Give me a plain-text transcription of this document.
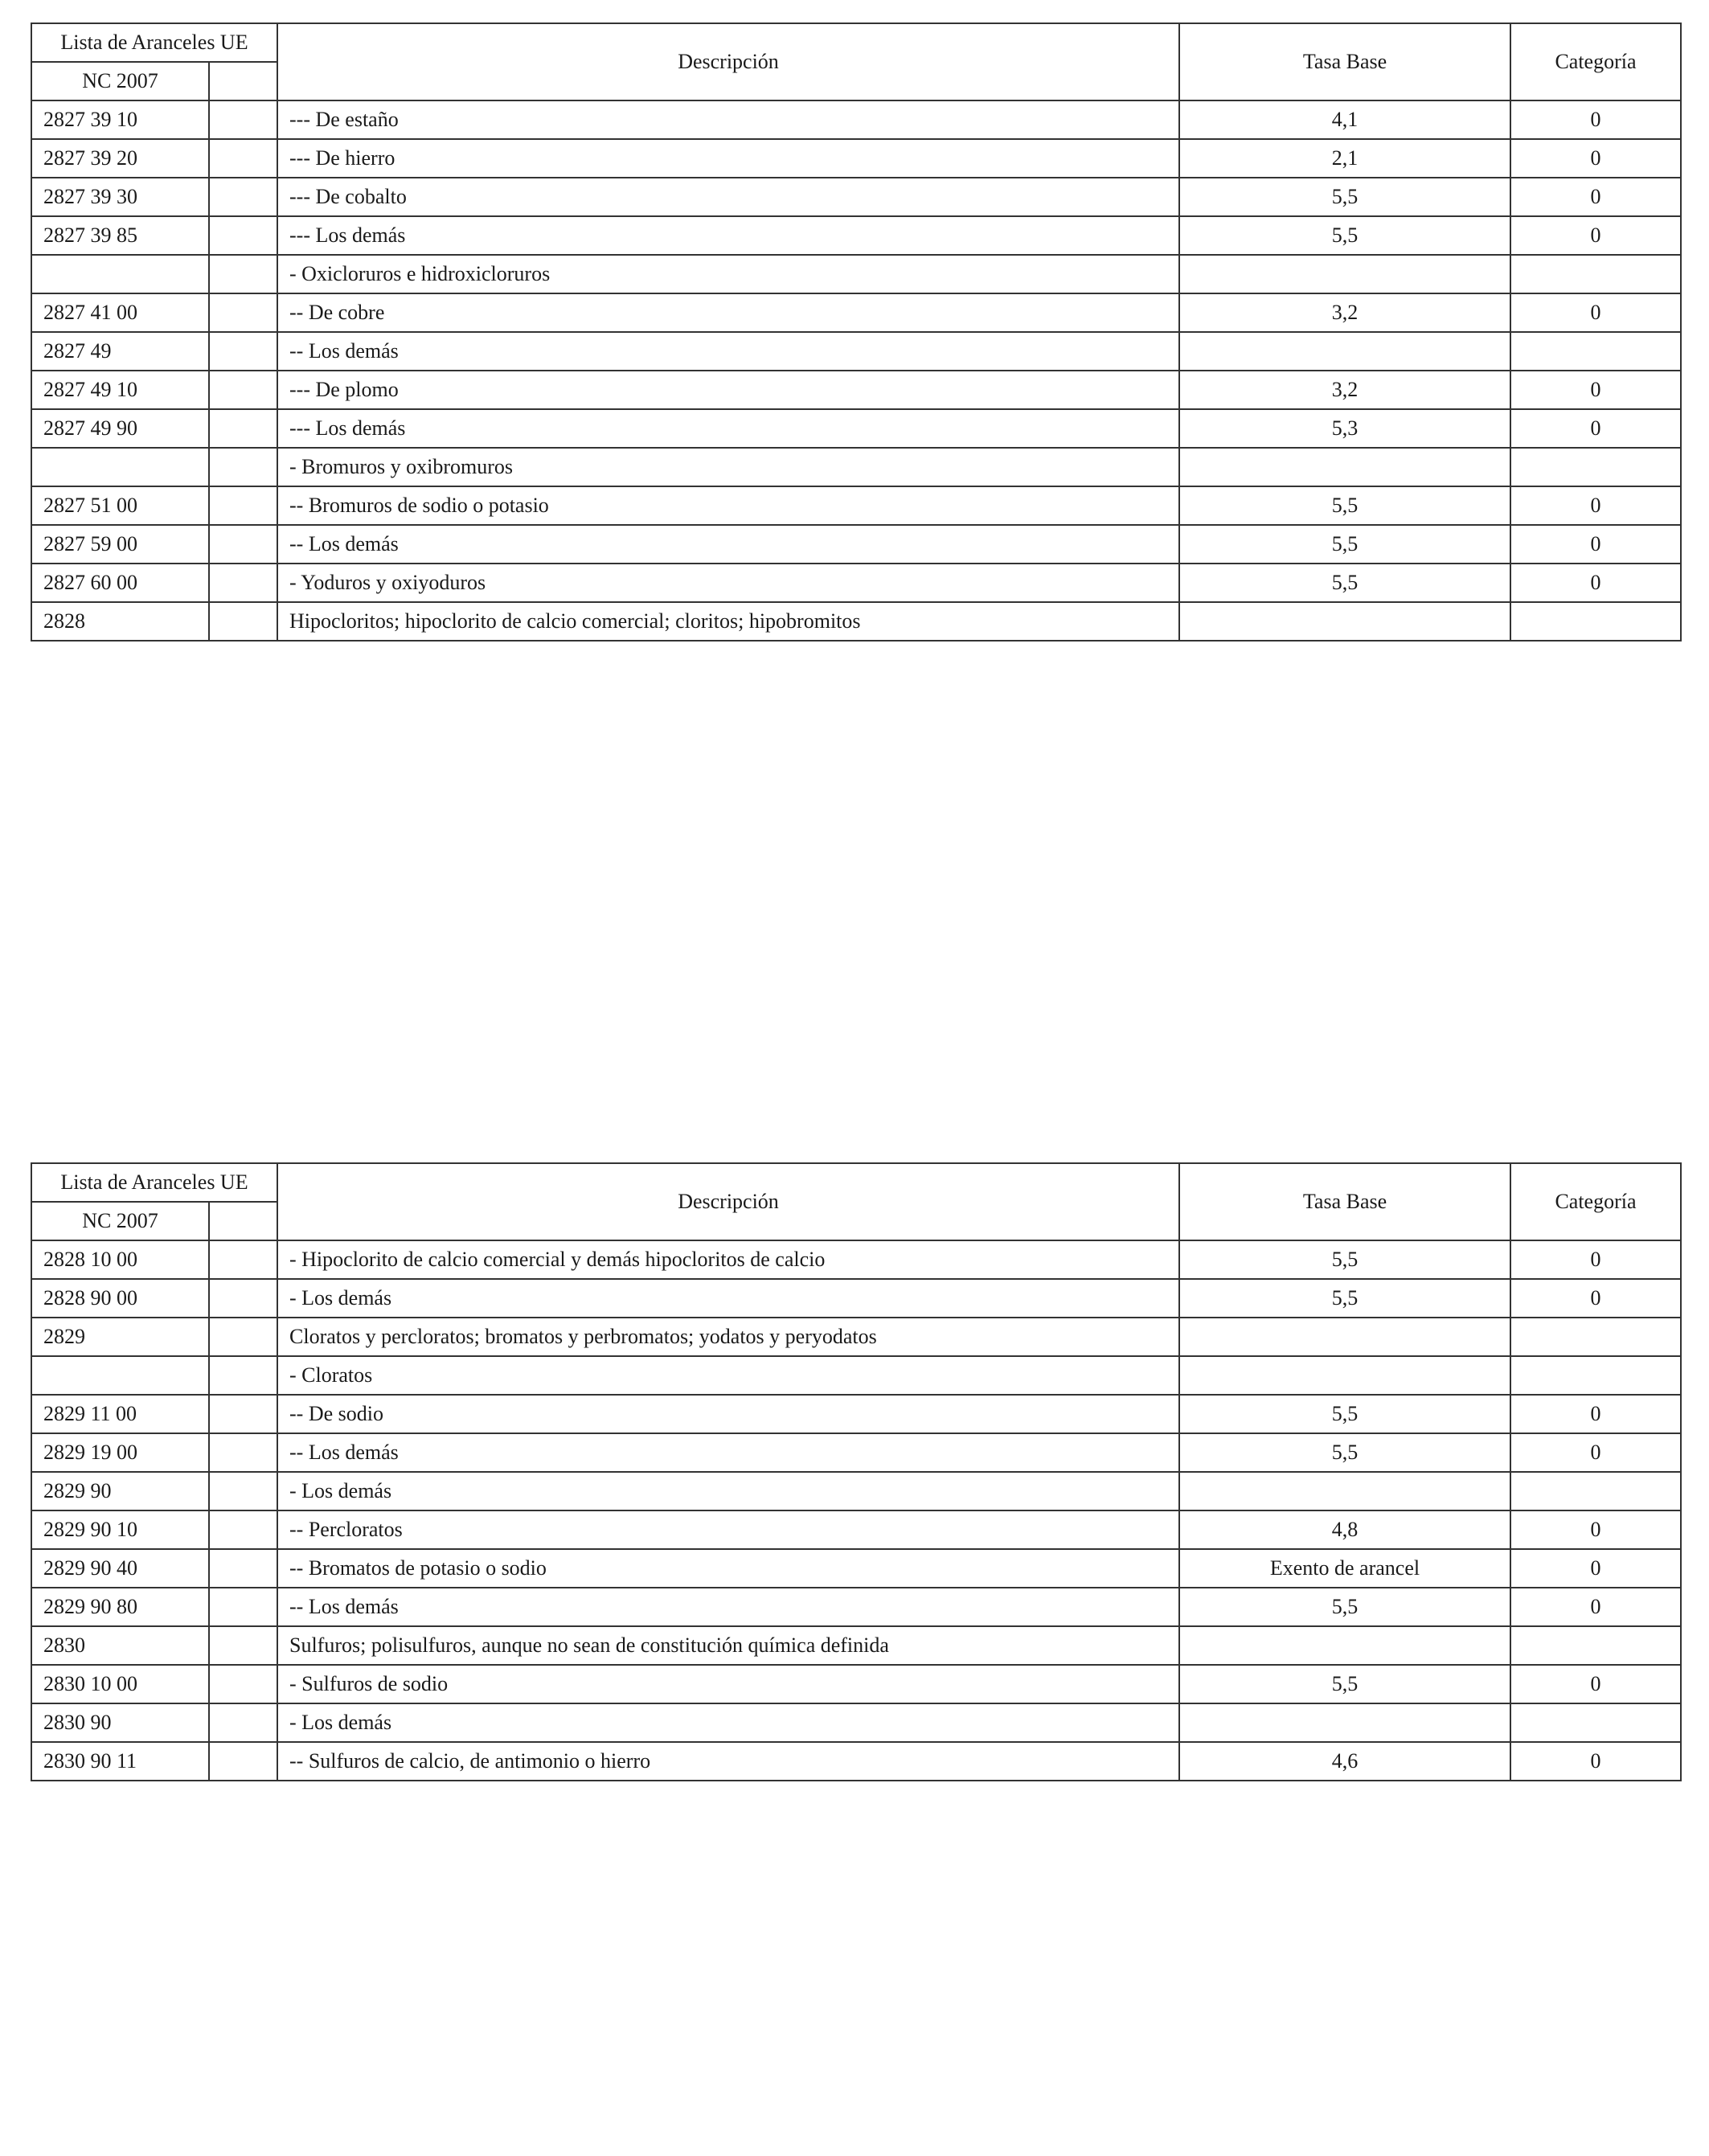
Lista de Aranceles UE		Descripción	Tasa Base	Categoría
NC 2007				
2827 39 10		--- De estaño	4,1	0
2827 39 20		--- De hierro	2,1	0
2827 39 30		--- De cobalto	5,5	0
2827 39 85		--- Los demás	5,5	0
		- Oxicloruros e hidroxicloruros		
2827 41 00		-- De cobre	3,2	0
2827 49		-- Los demás		
2827 49 10		--- De plomo	3,2	0
2827 49 90		--- Los demás	5,3	0
		- Bromuros y oxibromuros		
2827 51 00		-- Bromuros de sodio o potasio	5,5	0
2827 59 00		-- Los demás	5,5	0
2827 60 00		- Yoduros y oxiyoduros	5,5	0
2828		Hipocloritos; hipoclorito de calcio comercial; cloritos; hipobromitos		
Lista de Aranceles UE		Descripción	Tasa Base	Categoría
NC 2007				
2828 10 00		- Hipoclorito de calcio comercial y demás hipocloritos de calcio	5,5	0
2828 90 00		- Los demás	5,5	0
2829		Cloratos y percloratos; bromatos y perbromatos; yodatos y peryodatos		
		- Cloratos		
2829 11 00		-- De sodio	5,5	0
2829 19 00		-- Los demás	5,5	0
2829 90		- Los demás		
2829 90 10		-- Percloratos	4,8	0
2829 90 40		-- Bromatos de potasio o sodio	Exento de arancel	0
2829 90 80		-- Los demás	5,5	0
2830		Sulfuros; polisulfuros, aunque no sean de constitución química definida		
2830 10 00		- Sulfuros de sodio	5,5	0
2830 90		- Los demás		
2830 90 11		-- Sulfuros de calcio, de antimonio o hierro	4,6	0
